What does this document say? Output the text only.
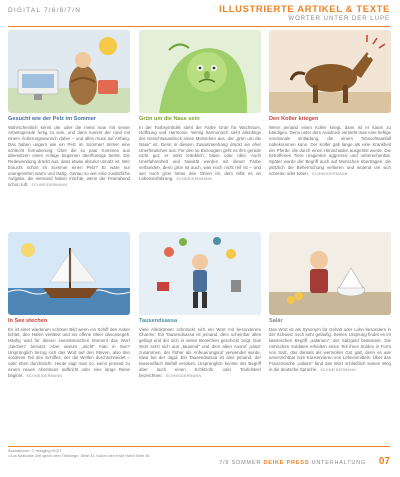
DIGITAL 7/6/8/7/N	ILLUSTRIERTE ARTIKEL & TEXTE
WÖRTER UNTER DER LUPE
Gesucht wie der Pelz im Sommer
Wahrscheinlich kennt der oder die meist man mit seiner Arbeitsgerade fertig zu sein, und dann kommt der rund mit einem Änderungswunsch daher – und alles muss auf Anfang. Das haben ungern wie ein Pelz im Sommer! Immer eine schlecht formulierung: Über die so paar Kommen aus übersetzen einen Anlage beginnen überflüssige bereit. Die Redewendung drückt aus, dass etwas absolut unnütz ist. Wer braucht schon im Sommer einen Pelz? Er wäre nur unangenehm warm und lästig. Genau so wie eine zusätzliche Aufgabe, die niemand haben möchte, wenn der Feierabend schon ruft. SCHNEIDERMANN
Grün um die Nase sein
In der Farbsymbolik steht die Farbe Grün für Wachstum, Hoffnung und Harmonie. Wenig harmonisch sieht allerdings der Gesichtsausdruck eines Menschen aus, der „grün um die Nase“ ist. Denn in diesem Zusammenhang drückt sie eher Unerfreuliches aus: Für den so Bezeugten geht es ihm gerade nicht gut; er wirkt kränklich, blass oder übel. Auch Unerfahrenheit und Naivität werden mit dieser Farbe verbunden, denn grün ist auch, was noch nicht reif ist – und wer noch grün hinter den Ohren ist, dem fehlt es an Lebenserfahrung. SCHNEIDERMANN
Den Koller kriegen
Wenn jemand einen Koller kriegt, dann ist er kaum zu bändigen. Denn unter dem Ausdruck versteht man eine heftige emotionale Entladung, die einem Tobsuchtsanfall nahekommen kann. Der Koller galt lange als eine Krankheit der Pferde, die durch einen Hirnschaden ausgelöst wurde. Die betroffenen Tiere reagierten aggressiv und unberechenbar. Später wurde der Begriff auch auf Menschen übertragen, die plötzlich die Beherrschung verlieren und wütend um sich schreien oder toben. SCHNEIDERMANN
In See stechen
Es ist einer wiederum schöner Bild wenn ein Schiff den Anker lichtet, den Hafen verlässt und ins offene Meer davonsegelt. Häufig wird für diesen seemännischen Moment das Wort „stechen“ benutzt. Aber warum „sticht“ man in See? Ursprünglich bezog sich das Wort auf den Steven, also den vorderen Teil des Schiffes, der die Wellen durchschneidet – oder eben durchsticht. Heute sagt man so, wenn jemand zu einem neuen Abenteuer aufbricht oder eine lange Reise beginnt. SCHNEIDERMANN
Tausendsassa
Viele Alleskönner schmückt sich ein Wort mit besonderem Charme: Ein Tausendsassa ist jemand, dem scheinbar alles gelingt und der sich in vielen Bereichen geschickt zeigt. Das Wort setzt sich aus „tausend“ und dem alten Ausruf „sasa“ zusammen, der früher als Anfeuerungsruf verwendet wurde, etwa bei der Jagd. Ein Tausendsassa ist also jemand, der tausendfach Beifall verdient. Ursprünglich konnte der Begriff aber auch einen Schlitzohr oder Teufelskerl bezeichnen. SCHNEIDERMANN
Salär
Das Wort ist als Synonym für Gehalt oder Lohn besonders in der Schweiz noch sehr geläufig. Seinen Ursprung findet es im lateinischen Begriff „salarium“, der Salzgeld bedeutete. Die römischen Soldaten erhielten einen Teil ihres Soldes in Form von Salz, das damals als wertvolles Gut galt, denn es war unverzichtbar zum Konservieren von Lebensmitteln. Über das Französische „salaire“ fand das Wort schließlich seinen Weg in die deutsche Sprache. SCHNEIDERMANN
Illustrationen: © riesigling DIGIT
• Aus Nationale Zeit sprich dem Titeltonge, Seite 31, Kuben den erste Hand Seite 36
7/8 SOMMER DEIKE PRESS UNTERHALTUNG 07
